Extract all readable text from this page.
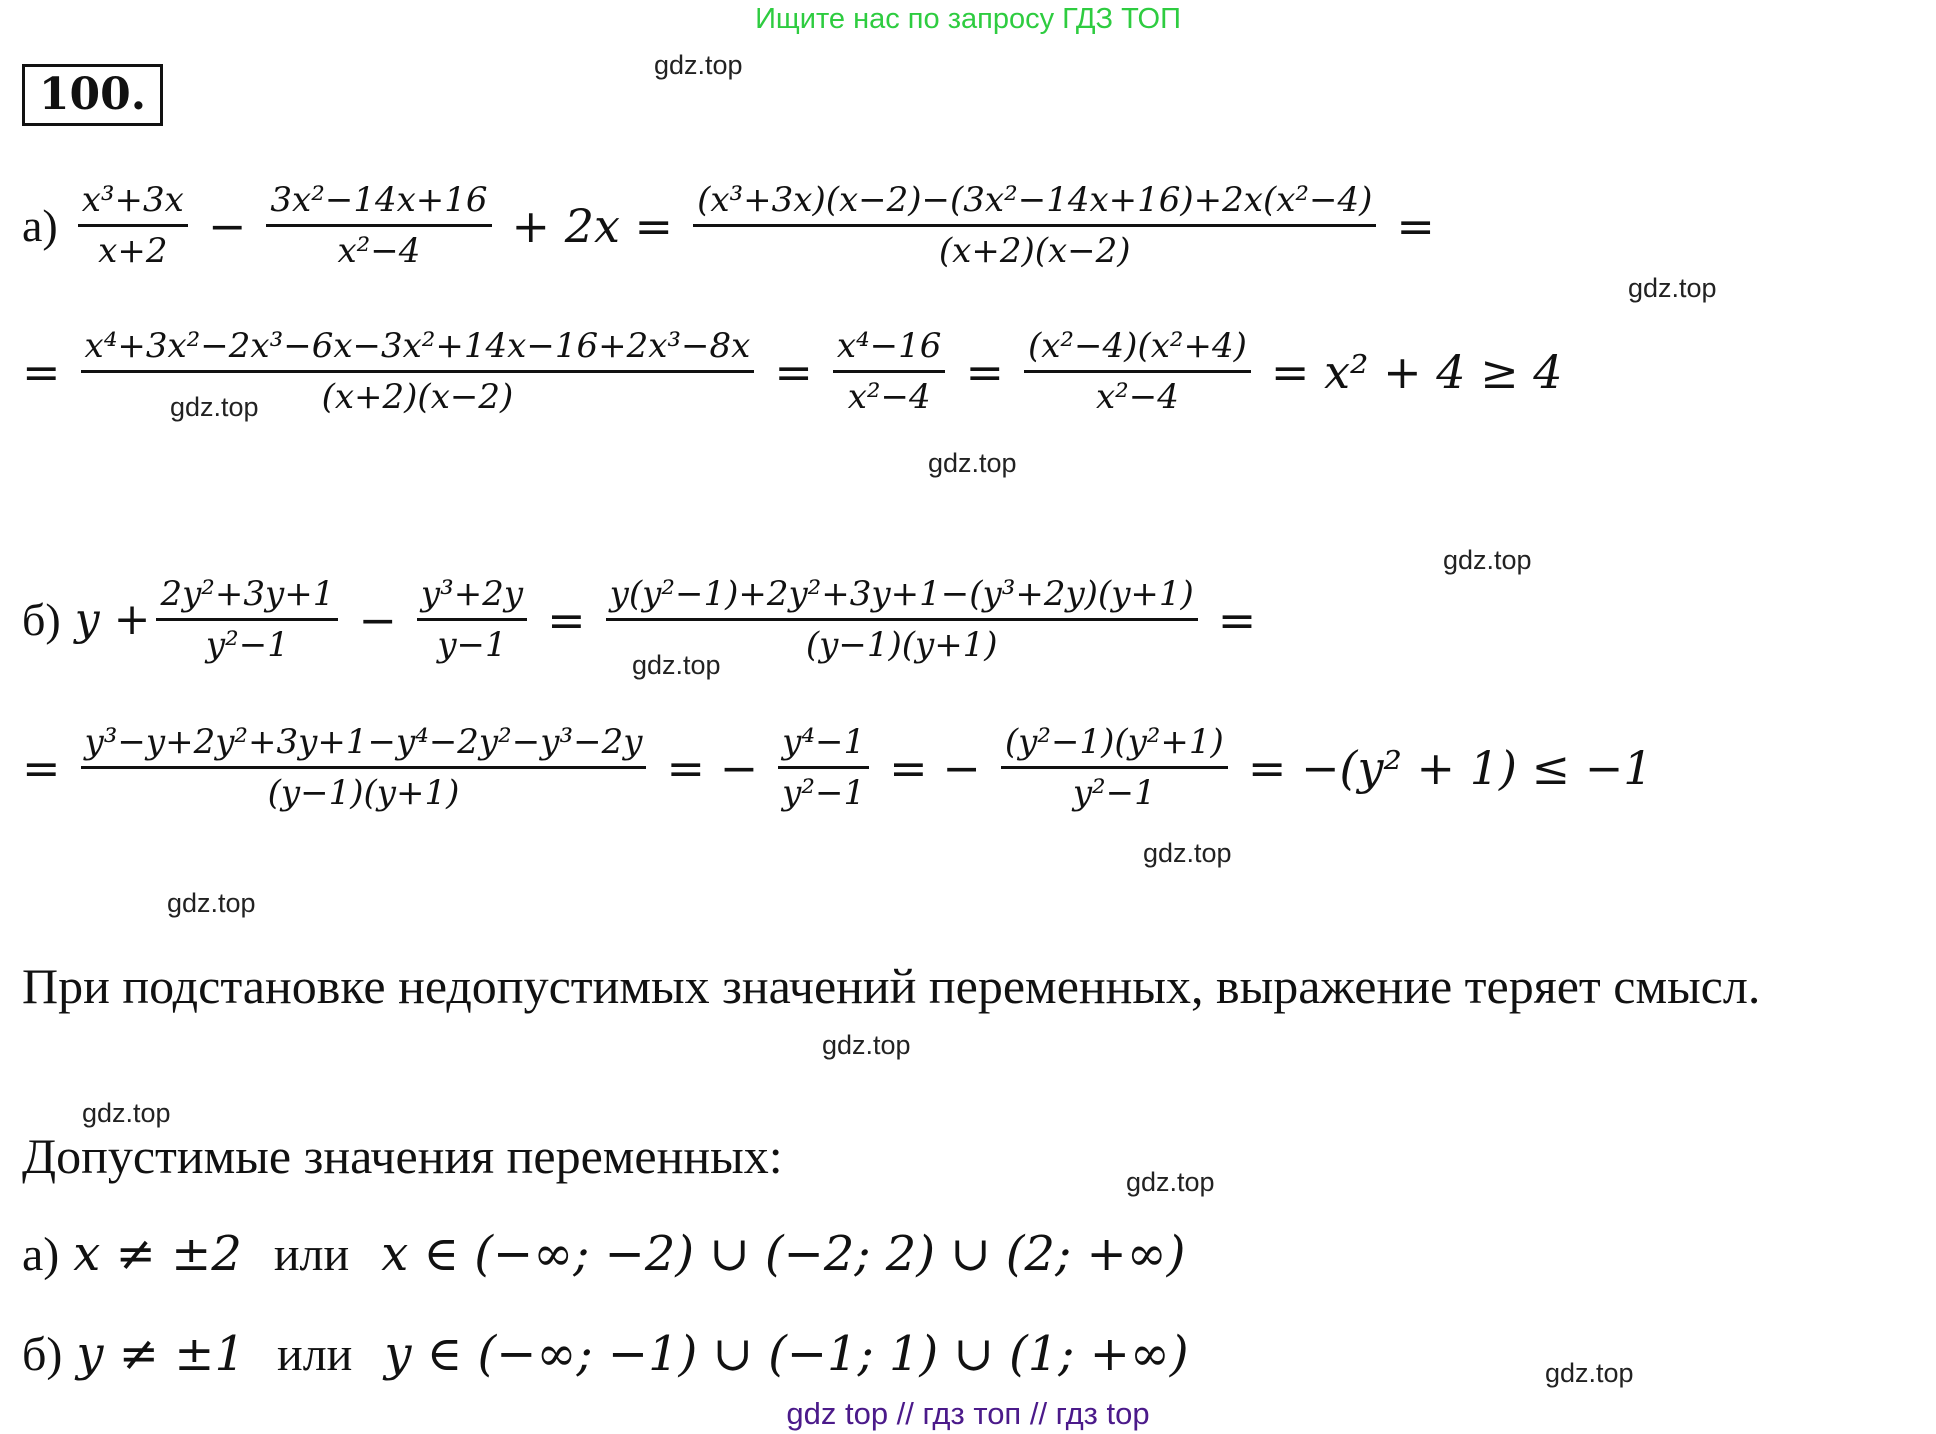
Ищите нас по запросу ГДЗ ТОП
100.
gdz.top
gdz.top
gdz.top
gdz.top
gdz.top
gdz.top
gdz.top
gdz.top
gdz.top
gdz.top
gdz.top
gdz.top
$а) \frac{\text{x³+3x}}{x+2} - \frac{\text{3x²−14x+16}}{\text{x²−4}} + 2x = \frac{\text{(x³+3x)(x−2)−(3x²−14x+16)+2x(x²−4)}}{(x+2)(x-2)}$ =
= $\frac{\text{x⁴+3x²−2x³−6x−3x²+14x−16+2x³−8x}}{(x+2)(x-2)} = \frac{\text{x⁴−16}}{\text{x²−4}} = \frac{\text{(x²−4)(x²+4)}}{\text{x²−4}} = x^2 + 4 \ge 4$
б) $y + \frac{\text{2y²+3y+1}}{\text{y²−1}} - \frac{\text{y³+2y}}{y-1} = \frac{\text{y(y²−1)+2y²+3y+1−(y³+2y)(y+1)}}{(y-1)(y+1)}$ =
= $\frac{\text{y³−y+2y²+3y+1−y⁴−2y²−y³−2y}}{(y-1)(y+1)}$ = − $\frac{\text{y⁴−1}}{\text{y²−1}}$ = − $\frac{\text{(y²−1)(y²+1)}}{\text{y²−1}} = -(y^2 + 1) \le -1$
При подстановке недопустимых значений переменных, выражение теряет смысл.
Допустимые значения переменных:
а) x ≠ ±2 или x ∈ (−∞; −2) ∪ (−2; 2) ∪ (2; +∞)
б) y ≠ ±1 или y ∈ (−∞; −1) ∪ (−1; 1) ∪ (1; +∞)
gdz top // гдз топ // гдз top
